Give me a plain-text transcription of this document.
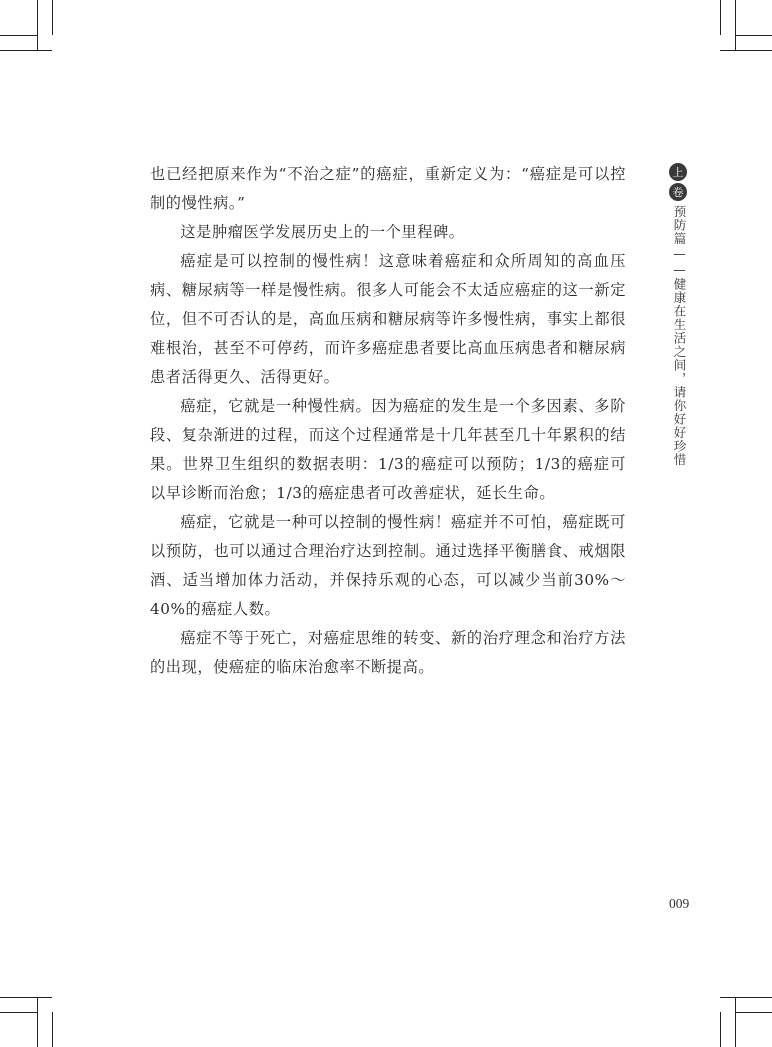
也已经把原来作为“不治之症”的癌症，重新定义为：“癌症是可以控制的慢性病。”

这是肿瘤医学发展历史上的一个里程碑。

癌症是可以控制的慢性病！这意味着癌症和众所周知的高血压病、糖尿病等一样是慢性病。很多人可能会不太适应癌症的这一新定位，但不可否认的是，高血压病和糖尿病等许多慢性病，事实上都很难根治，甚至不可停药，而许多癌症患者要比高血压病患者和糖尿病患者活得更久、活得更好。

癌症，它就是一种慢性病。因为癌症的发生是一个多因素、多阶段、复杂渐进的过程，而这个过程通常是十几年甚至几十年累积的结果。世界卫生组织的数据表明：1/3的癌症可以预防；1/3的癌症可以早诊断而治愈；1/3的癌症患者可改善症状，延长生命。

癌症，它就是一种可以控制的慢性病！癌症并不可怕，癌症既可以预防，也可以通过合理治疗达到控制。通过选择平衡膳食、戒烟限酒、适当增加体力活动，并保持乐观的心态，可以减少当前30%～40%的癌症人数。

癌症不等于死亡，对癌症思维的转变、新的治疗理念和治疗方法的出现，使癌症的临床治愈率不断提高。

上
卷
预防篇——健康在生活之间，请你好好珍惜
009
